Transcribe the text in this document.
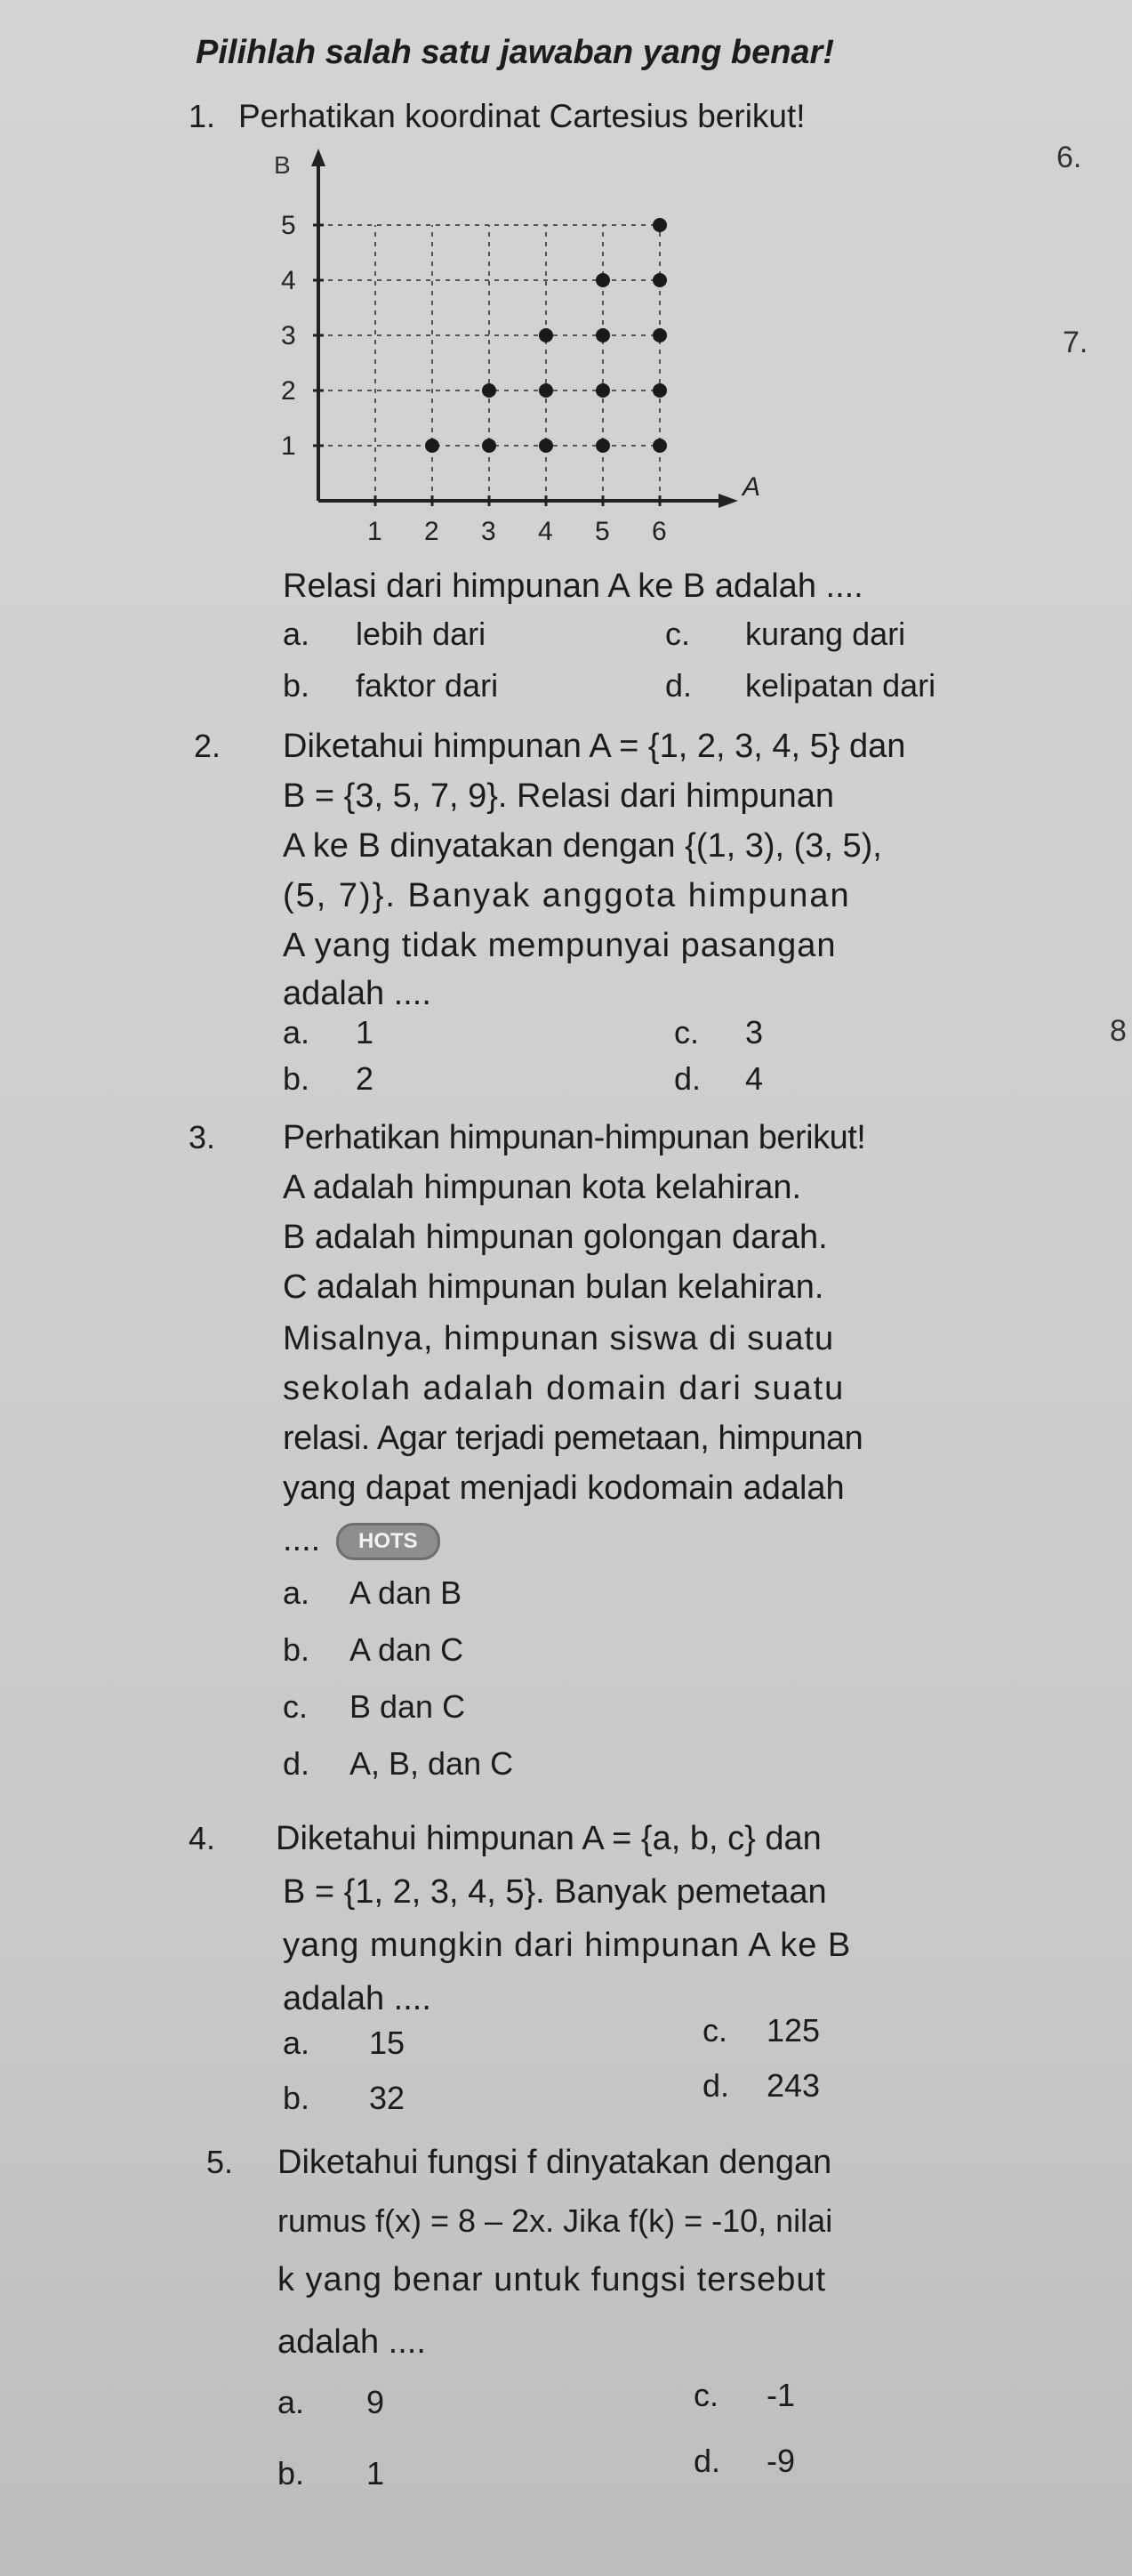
Pilihlah salah satu jawaban yang benar!
6.
7.
8
1. Perhatikan koordinat Cartesius berikut!
B
A
1 2 3 4 5 6
1
2
3
4
5
Relasi dari himpunan A ke B adalah ....
a. lebih dari	c. kurang dari
b. faktor dari	d. kelipatan dari
2. Diketahui himpunan A = {1, 2, 3, 4, 5} dan
B = {3, 5, 7, 9}. Relasi dari himpunan
A ke B dinyatakan dengan {(1, 3), (3, 5),
(5, 7)}. Banyak anggota himpunan
A yang tidak mempunyai pasangan
adalah ....
a. 1	c. 3
b. 2	d. 4
3. Perhatikan himpunan-himpunan berikut!
A adalah himpunan kota kelahiran.
B adalah himpunan golongan darah.
C adalah himpunan bulan kelahiran.
Misalnya, himpunan siswa di suatu
sekolah adalah domain dari suatu
relasi. Agar terjadi pemetaan, himpunan
yang dapat menjadi kodomain adalah
....	HOTS
a. A dan B
b. A dan C
c. B dan C
d. A, B, dan C
4. Diketahui himpunan A = {a, b, c} dan
B = {1, 2, 3, 4, 5}. Banyak pemetaan
yang mungkin dari himpunan A ke B
adalah ....
a. 15	c. 125
b. 32	d. 243
5. Diketahui fungsi f dinyatakan dengan
rumus f(x) = 8 – 2x. Jika f(k) = -10, nilai
k yang benar untuk fungsi tersebut
adalah ....
a. 9	c. -1
b. 1	d. -9
